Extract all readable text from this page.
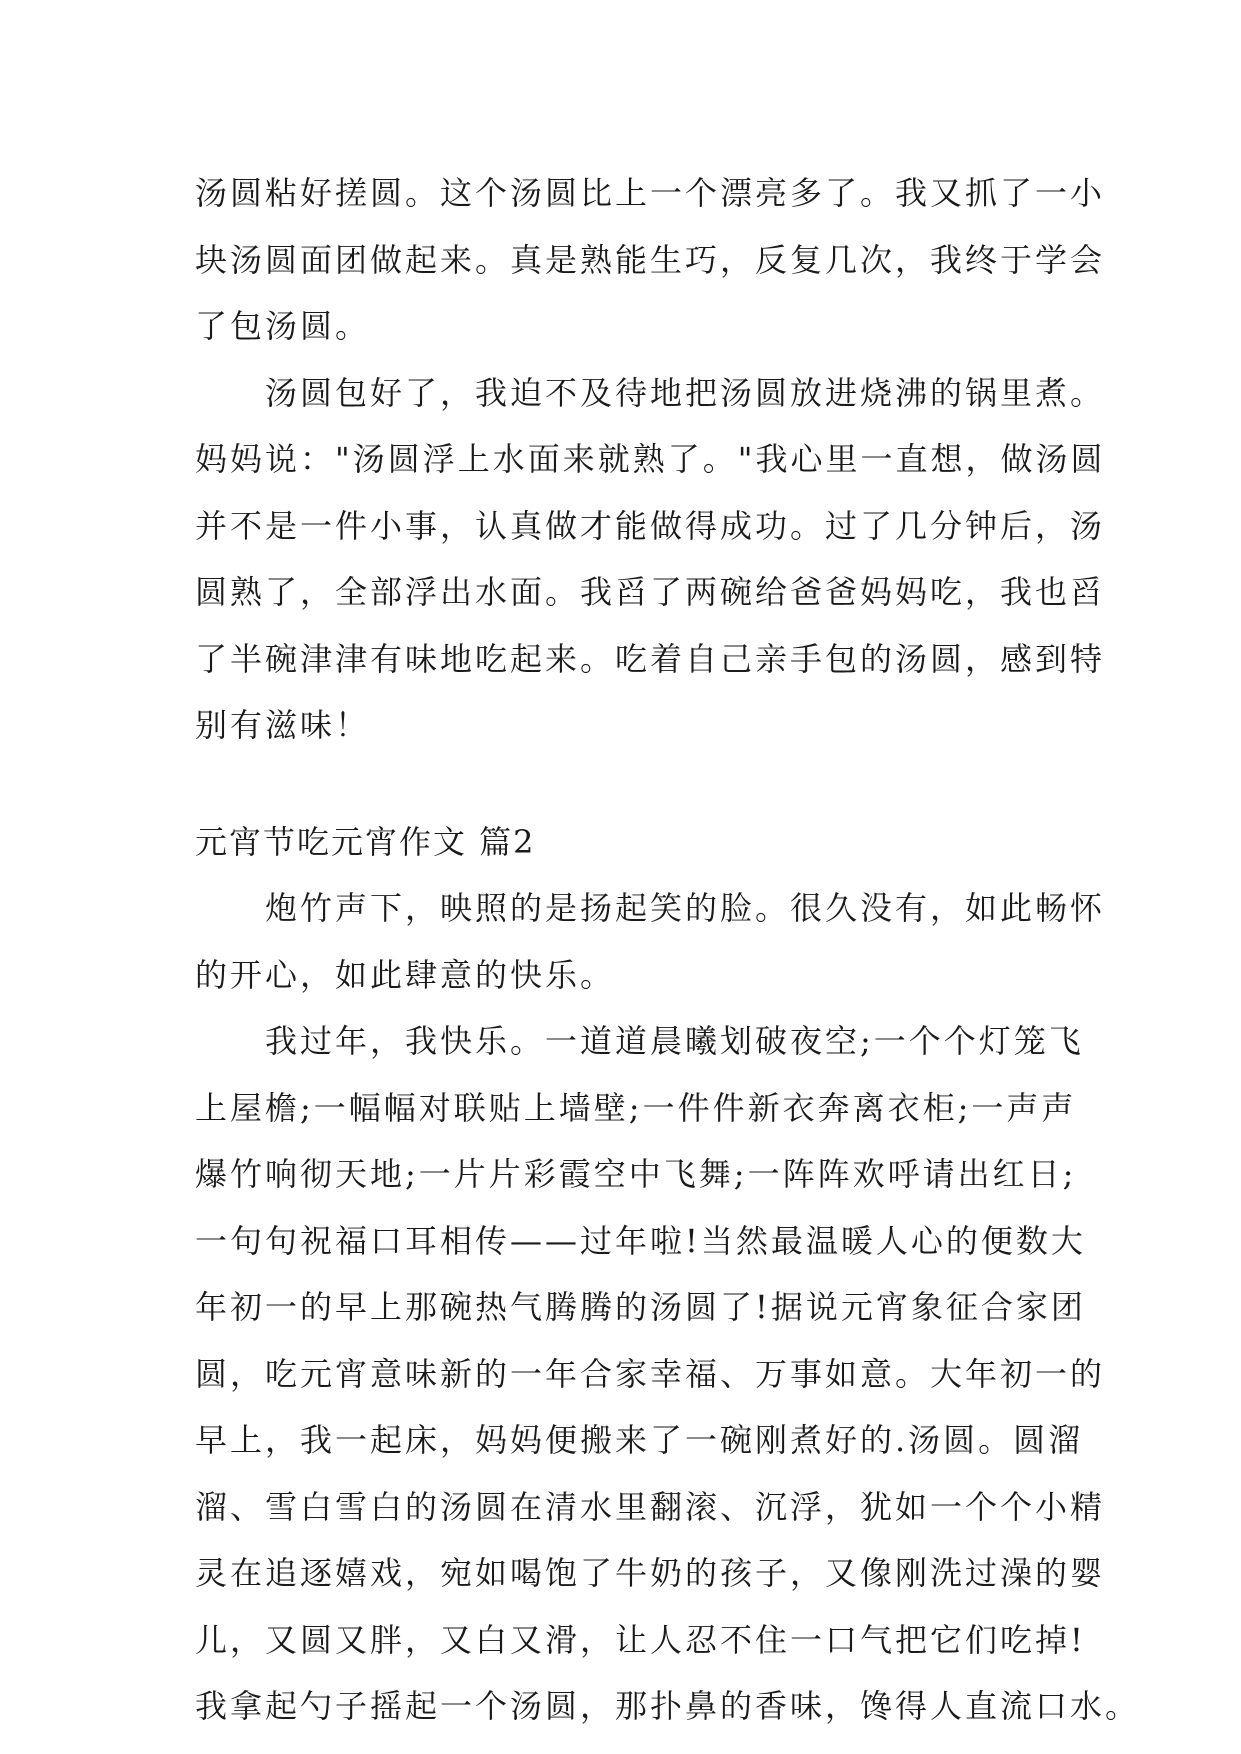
汤圆粘好搓圆。这个汤圆比上一个漂亮多了。我又抓了一小
块汤圆面团做起来。真是熟能生巧，反复几次，我终于学会
了包汤圆。
汤圆包好了，我迫不及待地把汤圆放进烧沸的锅里煮。
妈妈说："汤圆浮上水面来就熟了。"我心里一直想，做汤圆
并不是一件小事，认真做才能做得成功。过了几分钟后，汤
圆熟了，全部浮出水面。我舀了两碗给爸爸妈妈吃，我也舀
了半碗津津有味地吃起来。吃着自己亲手包的汤圆，感到特
别有滋味！
元宵节吃元宵作文 篇2
炮竹声下，映照的是扬起笑的脸。很久没有，如此畅怀
的开心，如此肆意的快乐。
我过年，我快乐。一道道晨曦划破夜空;一个个灯笼飞
上屋檐;一幅幅对联贴上墙壁;一件件新衣奔离衣柜;一声声
爆竹响彻天地;一片片彩霞空中飞舞;一阵阵欢呼请出红日;
一句句祝福口耳相传——过年啦!当然最温暖人心的便数大
年初一的早上那碗热气腾腾的汤圆了!据说元宵象征合家团
圆，吃元宵意味新的一年合家幸福、万事如意。大年初一的
早上，我一起床，妈妈便搬来了一碗刚煮好的.汤圆。圆溜
溜、雪白雪白的汤圆在清水里翻滚、沉浮，犹如一个个小精
灵在追逐嬉戏，宛如喝饱了牛奶的孩子，又像刚洗过澡的婴
儿，又圆又胖，又白又滑，让人忍不住一口气把它们吃掉!
我拿起勺子摇起一个汤圆，那扑鼻的香味，馋得人直流口水。
